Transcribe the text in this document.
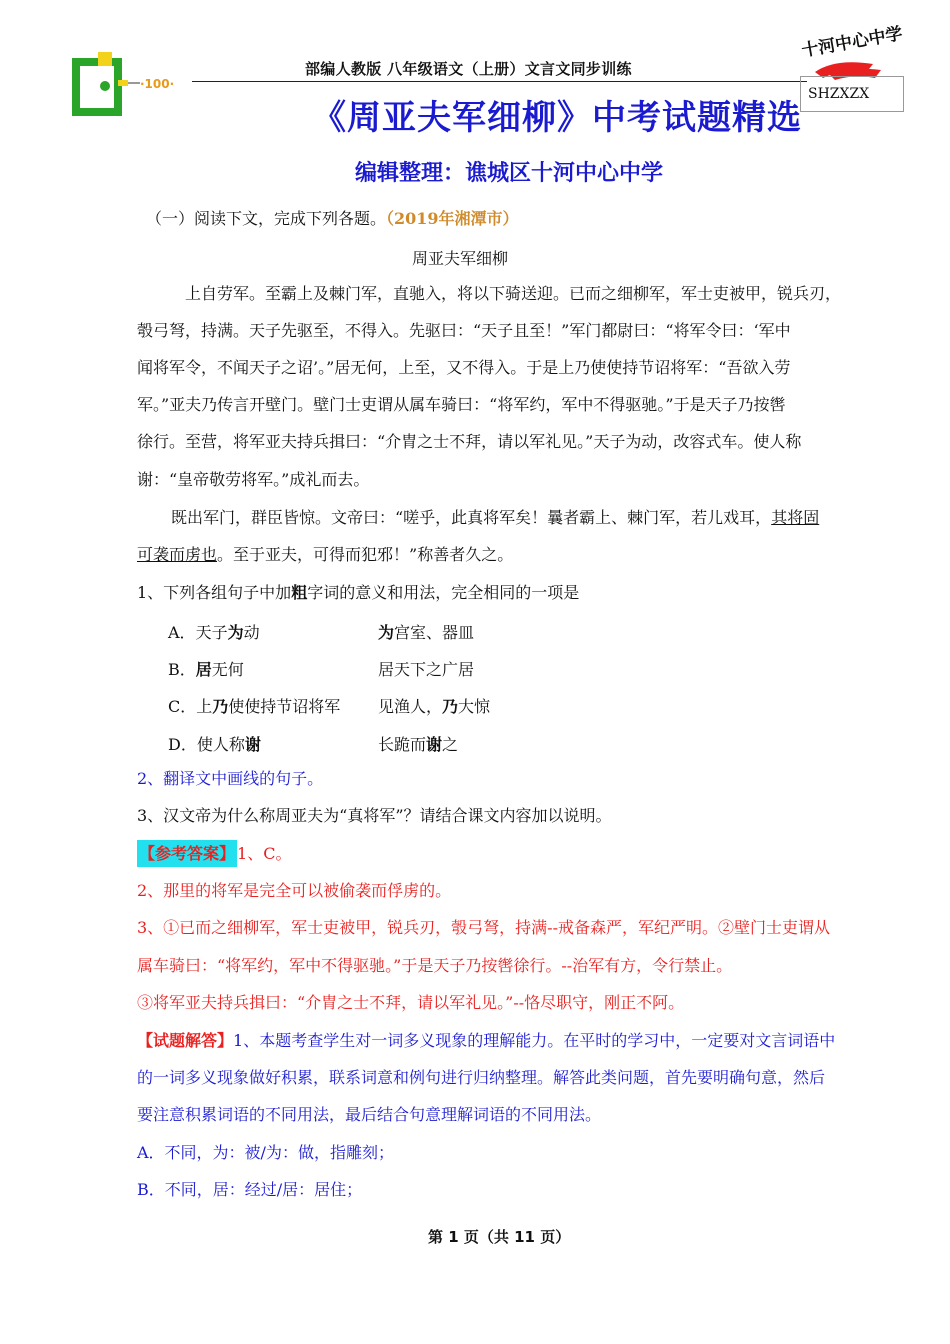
·100·
部编人教版 八年级语文（上册）文言文同步训练
十河中心中学
SHZXZX
《周亚夫军细柳》中考试题精选
编辑整理：谯城区十河中心中学
（一）阅读下文，完成下列各题。（2019年湘潭市）
周亚夫军细柳
上自劳军。至霸上及棘门军，直驰入，将以下骑送迎。已而之细柳军，军士吏被甲，锐兵刃，
彀弓弩，持满。天子先驱至，不得入。先驱曰：“天子且至！”军门都尉曰：“将军令曰：‘军中
闻将军令，不闻天子之诏’。”居无何，上至，又不得入。于是上乃使使持节诏将军：“吾欲入劳
军。”亚夫乃传言开壁门。壁门士吏谓从属车骑曰：“将军约，军中不得驱驰。”于是天子乃按辔
徐行。至营，将军亚夫持兵揖曰：“介胄之士不拜，请以军礼见。”天子为动，改容式车。使人称
谢：“皇帝敬劳将军。”成礼而去。
既出军门，群臣皆惊。文帝曰：“嗟乎，此真将军矣！曩者霸上、棘门军，若儿戏耳，其将固
可袭而虏也。至于亚夫，可得而犯邪！”称善者久之。
1、下列各组句子中加粗字词的意义和用法，完全相同的一项是
A．天子为动	为宫室、器皿
B．居无何	居天下之广居
C．上乃使使持节诏将军 见渔人，乃大惊
D．使人称谢	长跪而谢之
2、翻译文中画线的句子。
3、汉文帝为什么称周亚夫为“真将军”？请结合课文内容加以说明。
【参考答案】 1、C。
2、那里的将军是完全可以被偷袭而俘虏的。
3、①已而之细柳军，军士吏被甲，锐兵刃，彀弓弩，持满--戒备森严，军纪严明。②壁门士吏谓从
属车骑曰：“将军约，军中不得驱驰。”于是天子乃按辔徐行。--治军有方，令行禁止。
③将军亚夫持兵揖曰：“介胄之士不拜，请以军礼见。”--恪尽职守，刚正不阿。
【试题解答】1、本题考查学生对一词多义现象的理解能力。在平时的学习中，一定要对文言词语中
的一词多义现象做好积累，联系词意和例句进行归纳整理。解答此类问题，首先要明确句意，然后
要注意积累词语的不同用法，最后结合句意理解词语的不同用法。
A．不同，为：被/为：做，指雕刻；
B．不同，居：经过/居：居住；
第 1 页（共 11 页）
